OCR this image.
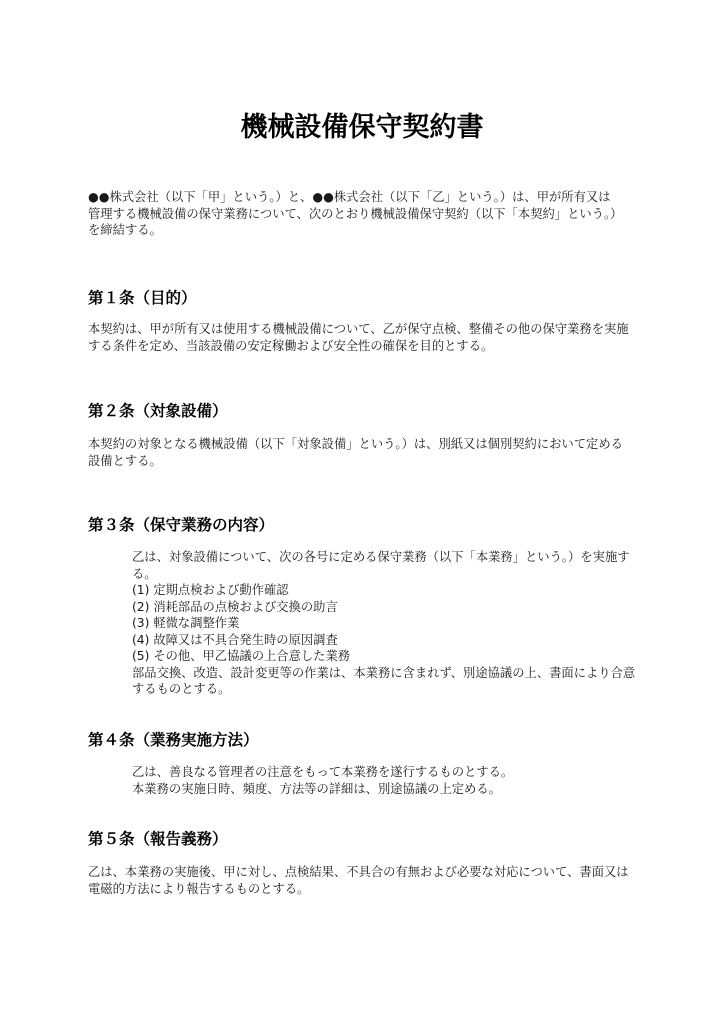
機械設備保守契約書

●●株式会社（以下「甲」という。）と、●●株式会社（以下「乙」という。）は、甲が所有又は

管理する機械設備の保守業務について、次のとおり機械設備保守契約（以下「本契約」という。）

を締結する。

第１条（目的）

本契約は、甲が所有又は使用する機械設備について、乙が保守点検、整備その他の保守業務を実施

する条件を定め、当該設備の安定稼働および安全性の確保を目的とする。

第２条（対象設備）

本契約の対象となる機械設備（以下「対象設備」という。）は、別紙又は個別契約において定める

設備とする。

第３条（保守業務の内容）

乙は、対象設備について、次の各号に定める保守業務（以下「本業務」という。）を実施す

る。

(1) 定期点検および動作確認

(2) 消耗部品の点検および交換の助言

(3) 軽微な調整作業

(4) 故障又は不具合発生時の原因調査

(5) その他、甲乙協議の上合意した業務

部品交換、改造、設計変更等の作業は、本業務に含まれず、別途協議の上、書面により合意

するものとする。

第４条（業務実施方法）

乙は、善良なる管理者の注意をもって本業務を遂行するものとする。

本業務の実施日時、頻度、方法等の詳細は、別途協議の上定める。

第５条（報告義務）

乙は、本業務の実施後、甲に対し、点検結果、不具合の有無および必要な対応について、書面又は

電磁的方法により報告するものとする。
